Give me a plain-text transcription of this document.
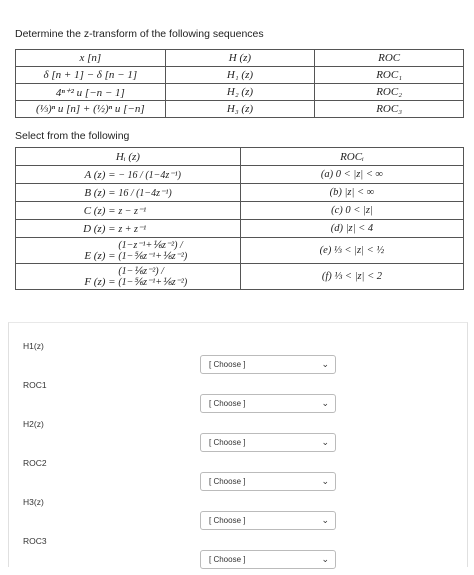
Determine the z-transform of the following sequences
x [n]	H (z)	ROC
δ [n + 1] − δ [n − 1]	H₁ (z)	ROC₁
4ⁿ⁺² u [−n − 1]	H₂ (z)	ROC₂
(⅓)ⁿ u [n] + (½)ⁿ u [−n]	H₃ (z)	ROC₃
Select from the following
Hᵢ (z)	ROCᵢ
A (z) = − 16 / (1−4z⁻¹)	(a) 0 < |z| < ∞
B (z) = 16 / (1−4z⁻¹)	(b) |z| < ∞
C (z) = z − z⁻¹	(c) 0 < |z|
D (z) = z + z⁻¹	(d) |z| < 4
E (z) = (1−z⁻¹+⅙z⁻²) / (1−⅚z⁻¹+⅙z⁻²)	(e) ⅓ < |z| < ½
F (z) = (1−⅙z⁻²) / (1−⅚z⁻¹+⅙z⁻²)	(f) ⅓ < |z| < 2
H1(z)
[ Choose ]	⌄
ROC1
[ Choose ]	⌄
H2(z)
[ Choose ]	⌄
ROC2
[ Choose ]	⌄
H3(z)
[ Choose ]	⌄
ROC3
[ Choose ]	⌄
